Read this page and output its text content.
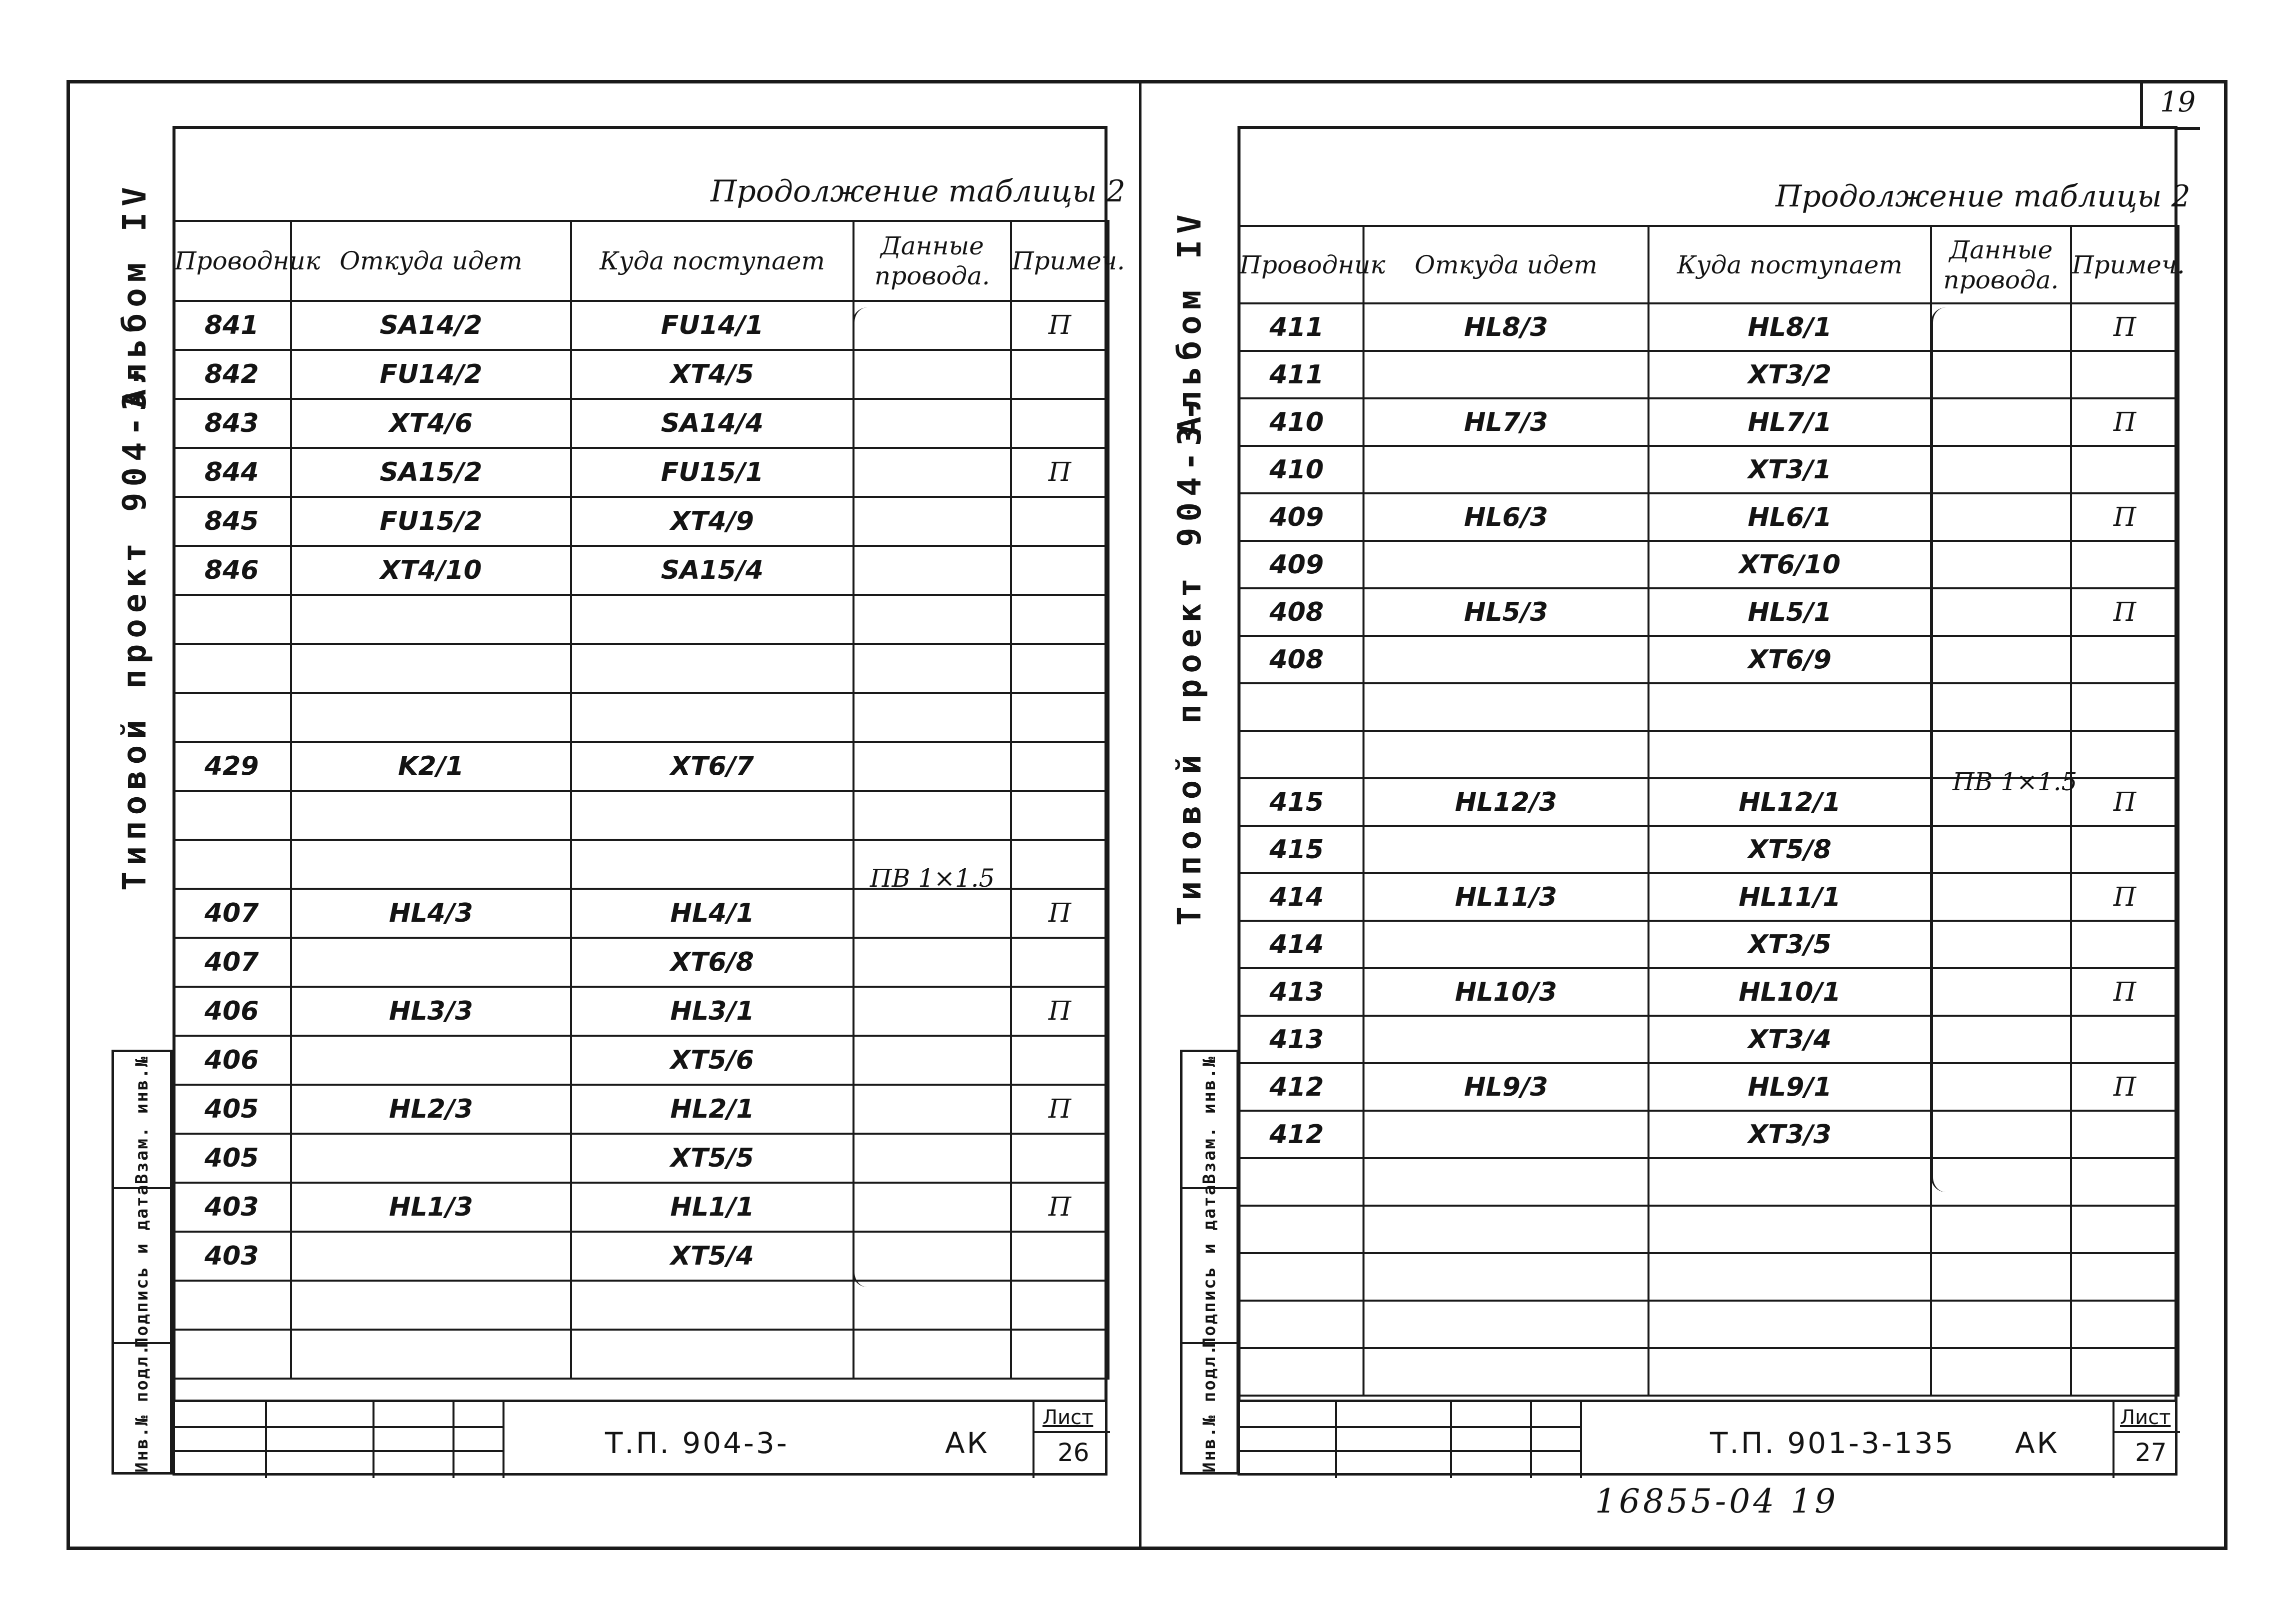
19
Альбом IV
Типовой проект 904-3-
Продолжение таблицы 2
Проводник	Откуда идет	Куда поступает	Данные
провода.	Примеч.
841	SA14/2	FU14/1		П
842	FU14/2	XT4/5		
843	XT4/6	SA14/4		
844	SA15/2	FU15/1		П
845	FU15/2	XT4/9		
846	XT4/10	SA15/4		

429	K2/1	XT6/7		

407	HL4/3	HL4/1		П
407		XT6/8		
406	HL3/3	HL3/1		П
406		XT5/6		
405	HL2/3	HL2/1		П
405		XT5/5		
403	HL1/3	HL1/1		П
403		XT5/4		

ПВ 1×1.5
Взам. инв.№
Подпись и дата
Инв.№ подл.	Т.П. 904-3-	АК
Лист
26
Альбом IV
Типовой проект 904-3-
Продолжение таблицы 2
Проводник	Откуда идет	Куда поступает	Данные
провода.	Примеч.
411	HL8/3	HL8/1		П
411		XT3/2		
410	HL7/3	HL7/1		П
410		XT3/1		
409	HL6/3	HL6/1		П
409		XT6/10		
408	HL5/3	HL5/1		П
408		XT6/9		

415	HL12/3	HL12/1		П
415		XT5/8		
414	HL11/3	HL11/1		П
414		XT3/5		
413	HL10/3	HL10/1		П
413		XT3/4		
412	HL9/3	HL9/1		П
412		XT3/3		

ПВ 1×1.5
Взам. инв.№
Подпись и дата
Инв.№ подл.	Т.П. 901-3-135 АК
Лист
27
16855-04 19
